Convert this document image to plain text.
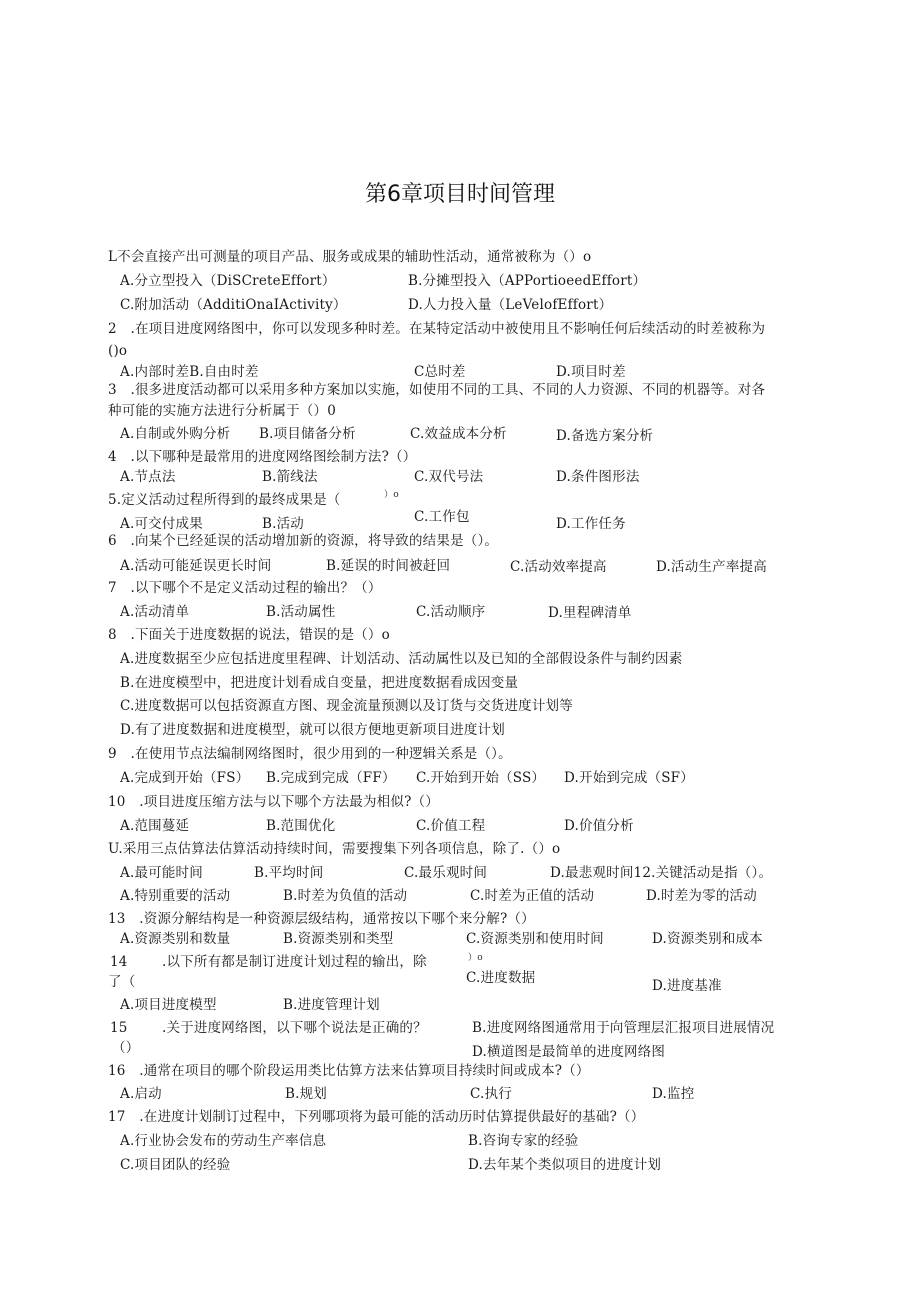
第6章项目时间管理
L不会直接产出可测量的项目产品、服务或成果的辅助性活动，通常被称为（）o
A.分立型投入（DiSCreteEffort）	B.分摊型投入（APPortioeedEffort）
C.附加活动（AdditiOnaIActivity）	D.人力投入量（LeVelofEffort）
2　.在项目进度网络图中，你可以发现多种时差。在某特定活动中被使用且不影响任何后续活动的时差被称为
()o
A.内部时差B.自由时差	C总时差	D.项目时差
3　.很多进度活动都可以采用多种方案加以实施，如使用不同的工具、不同的人力资源、不同的机器等。对各
种可能的实施方法进行分析属于（）0
A.自制或外购分析 B.项目储备分析	C.效益成本分析	D.备选方案分析
4　.以下哪种是最常用的进度网络图绘制方法?（）
A.节点法	B.箭线法	C.双代号法	D.条件图形法
5.定义活动过程所得到的最终成果是（	）o
C.工作包
A.可交付成果	B.活动	D.工作任务
6　.向某个已经延误的活动增加新的资源，将导致的结果是（）。
A.活动可能延误更长时间	B.延误的时间被赶回	C.活动效率提高	D.活动生产率提高
7　.以下哪个不是定义活动过程的输出？（）
A.活动清单	B.活动属性	C.活动顺序	D.里程碑清单
8　.下面关于进度数据的说法，错误的是（）o
A.进度数据至少应包括进度里程碑、计划活动、活动属性以及已知的全部假设条件与制约因素
B.在进度模型中，把进度计划看成自变量，把进度数据看成因变量
C.进度数据可以包括资源直方图、现金流量预测以及订货与交货进度计划等
D.有了进度数据和进度模型，就可以很方便地更新项目进度计划
9　.在使用节点法编制网络图时，很少用到的一种逻辑关系是（）。
A.完成到开始（FS） B.完成到完成（FF） C.开始到开始（SS） D.开始到完成（SF）
10　.项目进度压缩方法与以下哪个方法最为相似?（）
A.范围蔓延	B.范围优化	C.价值工程	D.价值分析
U.采用三点估算法估算活动持续时间，需要搜集下列各项信息，除了.（）o
A.最可能时间	B.平均时间	C.最乐观时间	D.最悲观时间12.关键活动是指（）。
A.特别重要的活动	B.时差为负值的活动	C.时差为正值的活动	D.时差为零的活动
13　.资源分解结构是一种资源层级结构，通常按以下哪个来分解?（）
A.资源类别和数量	B.资源类别和类型	C.资源类别和使用时间	D.资源类别和成本
14	.以下所有都是制订进度计划过程的输出，除	）o
C.进度数据
了（	D.进度基准
A.项目进度模型	B.进度管理计划
15	.关于进度网络图，以下哪个说法是正确的？	B.进度网络图通常用于向管理层汇报项目进展情况
（）	D.横道图是最简单的进度网络图
16　.通常在项目的哪个阶段运用类比估算方法来估算项目持续时间或成本?（）
A.启动	B.规划	C.执行	D.监控
17　.在进度计划制订过程中，下列哪项将为最可能的活动历时估算提供最好的基础?（）
A.行业协会发布的劳动生产率信息	B.咨询专家的经验
C.项目团队的经验	D.去年某个类似项目的进度计划
